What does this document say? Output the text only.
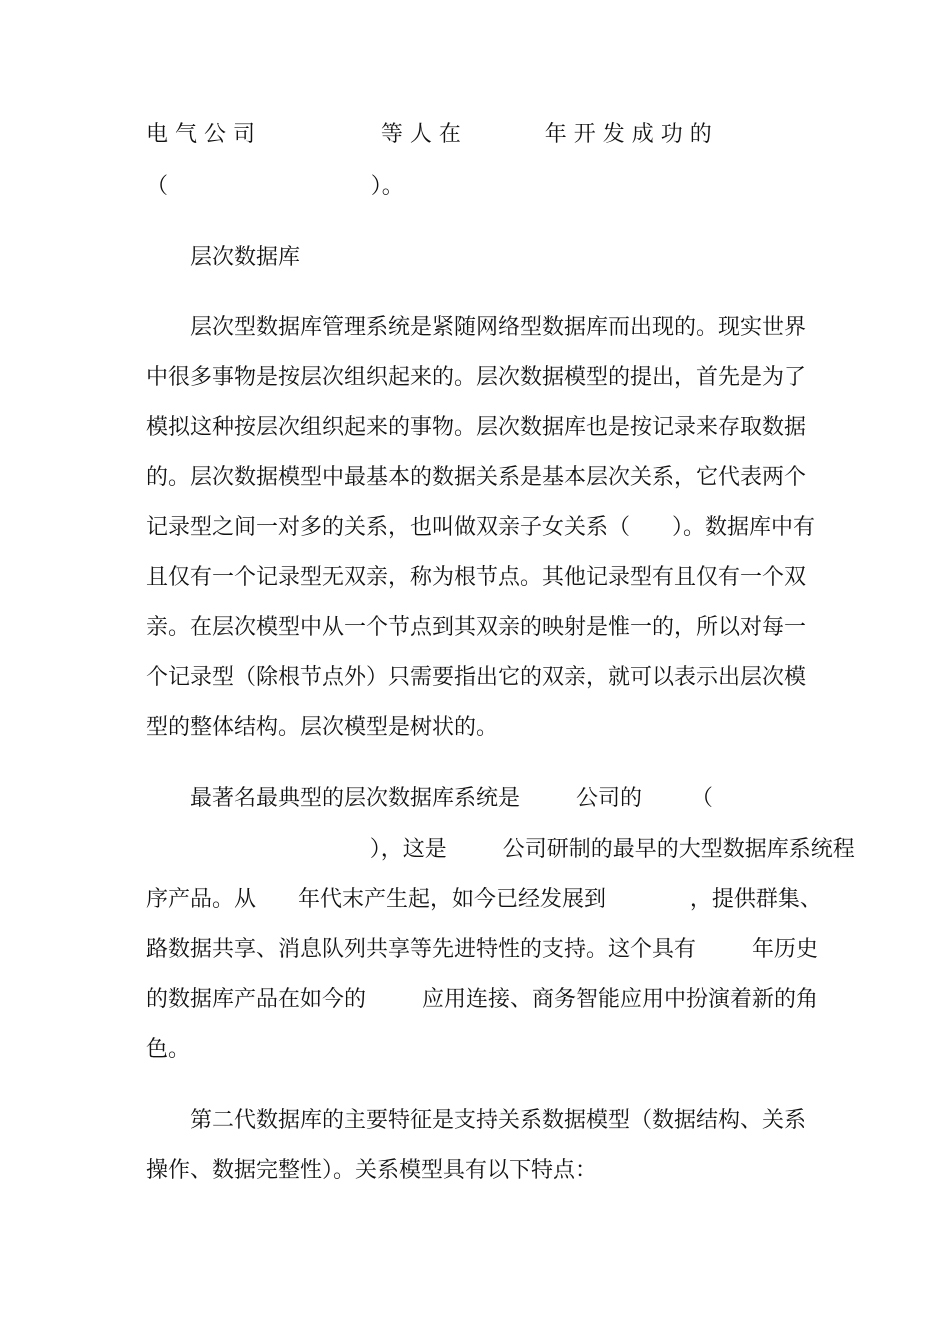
电 气 公 司                  等 人 在            年 开 发 成 功 的

（                             ）。

层次数据库

层次型数据库管理系统是紧随网络型数据库而出现的。现实世界

中很多事物是按层次组织起来的。层次数据模型的提出，首先是为了

模拟这种按层次组织起来的事物。层次数据库也是按记录来存取数据

的。层次数据模型中最基本的数据关系是基本层次关系，它代表两个

记录型之间一对多的关系，也叫做双亲子女关系（      ）。数据库中有

且仅有一个记录型无双亲，称为根节点。其他记录型有且仅有一个双

亲。在层次模型中从一个节点到其双亲的映射是惟一的，所以对每一

个记录型（除根节点外）只需要指出它的双亲，就可以表示出层次模

型的整体结构。层次模型是树状的。

最著名最典型的层次数据库系统是        公司的       （

），这是        公司研制的最早的大型数据库系统程

序产品。从      年代末产生起，如今已经发展到            ，提供群集、

路数据共享、消息队列共享等先进特性的支持。这个具有        年历史

的数据库产品在如今的        应用连接、商务智能应用中扮演着新的角

色。

第二代数据库的主要特征是支持关系数据模型（数据结构、关系

操作、数据完整性）。关系模型具有以下特点：
